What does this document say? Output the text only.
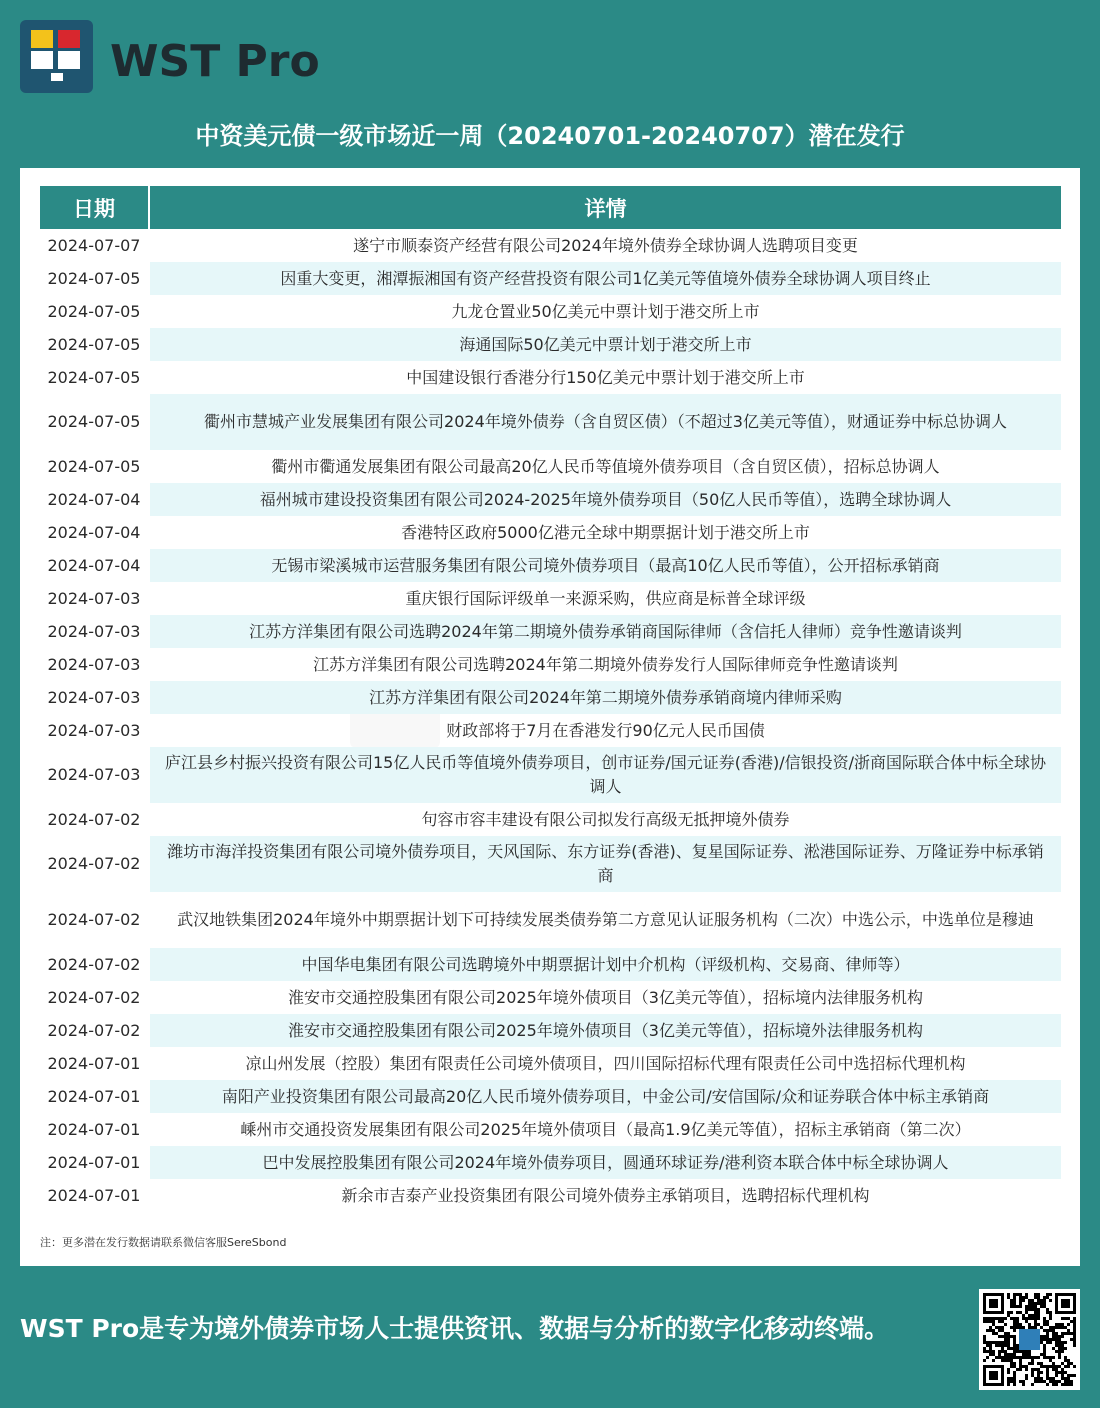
WST Pro
中资美元债一级市场近一周（20240701-20240707）潜在发行
日期	详情
2024-07-07	遂宁市顺泰资产经营有限公司2024年境外债券全球协调人选聘项目变更
2024-07-05	因重大变更，湘潭振湘国有资产经营投资有限公司1亿美元等值境外债券全球协调人项目终止
2024-07-05	九龙仓置业50亿美元中票计划于港交所上市
2024-07-05	海通国际50亿美元中票计划于港交所上市
2024-07-05	中国建设银行香港分行150亿美元中票计划于港交所上市
2024-07-05	衢州市慧城产业发展集团有限公司2024年境外债券（含自贸区债）（不超过3亿美元等值），财通证券中标总协调人
2024-07-05	衢州市衢通发展集团有限公司最高20亿人民币等值境外债券项目（含自贸区债），招标总协调人
2024-07-04	福州城市建设投资集团有限公司2024-2025年境外债券项目（50亿人民币等值），选聘全球协调人
2024-07-04	香港特区政府5000亿港元全球中期票据计划于港交所上市
2024-07-04	无锡市梁溪城市运营服务集团有限公司境外债券项目（最高10亿人民币等值），公开招标承销商
2024-07-03	重庆银行国际评级单一来源采购，供应商是标普全球评级
2024-07-03	江苏方洋集团有限公司选聘2024年第二期境外债券承销商国际律师（含信托人律师）竞争性邀请谈判
2024-07-03	江苏方洋集团有限公司选聘2024年第二期境外债券发行人国际律师竞争性邀请谈判
2024-07-03	江苏方洋集团有限公司2024年第二期境外债券承销商境内律师采购
2024-07-03	财政部将于7月在香港发行90亿元人民币国债
2024-07-03	庐江县乡村振兴投资有限公司15亿人民币等值境外债券项目，创市证券/国元证券(香港)/信银投资/浙商国际联合体中标全球协调人
2024-07-02	句容市容丰建设有限公司拟发行高级无抵押境外债券
2024-07-02	潍坊市海洋投资集团有限公司境外债券项目，天风国际、东方证券(香港)、复星国际证券、淞港国际证券、万隆证券中标承销商
2024-07-02	武汉地铁集团2024年境外中期票据计划下可持续发展类债券第二方意见认证服务机构（二次）中选公示，中选单位是穆迪
2024-07-02	中国华电集团有限公司选聘境外中期票据计划中介机构（评级机构、交易商、律师等）
2024-07-02	淮安市交通控股集团有限公司2025年境外债项目（3亿美元等值），招标境内法律服务机构
2024-07-02	淮安市交通控股集团有限公司2025年境外债项目（3亿美元等值），招标境外法律服务机构
2024-07-01	凉山州发展（控股）集团有限责任公司境外债项目，四川国际招标代理有限责任公司中选招标代理机构
2024-07-01	南阳产业投资集团有限公司最高20亿人民币境外债券项目，中金公司/安信国际/众和证券联合体中标主承销商
2024-07-01	嵊州市交通投资发展集团有限公司2025年境外债项目（最高1.9亿美元等值），招标主承销商（第二次）
2024-07-01	巴中发展控股集团有限公司2024年境外债券项目，圆通环球证券/港利资本联合体中标全球协调人
2024-07-01	新余市吉泰产业投资集团有限公司境外债券主承销项目，选聘招标代理机构
注：更多潜在发行数据请联系微信客服SereSbond
WST Pro是专为境外债券市场人士提供资讯、数据与分析的数字化移动终端。
